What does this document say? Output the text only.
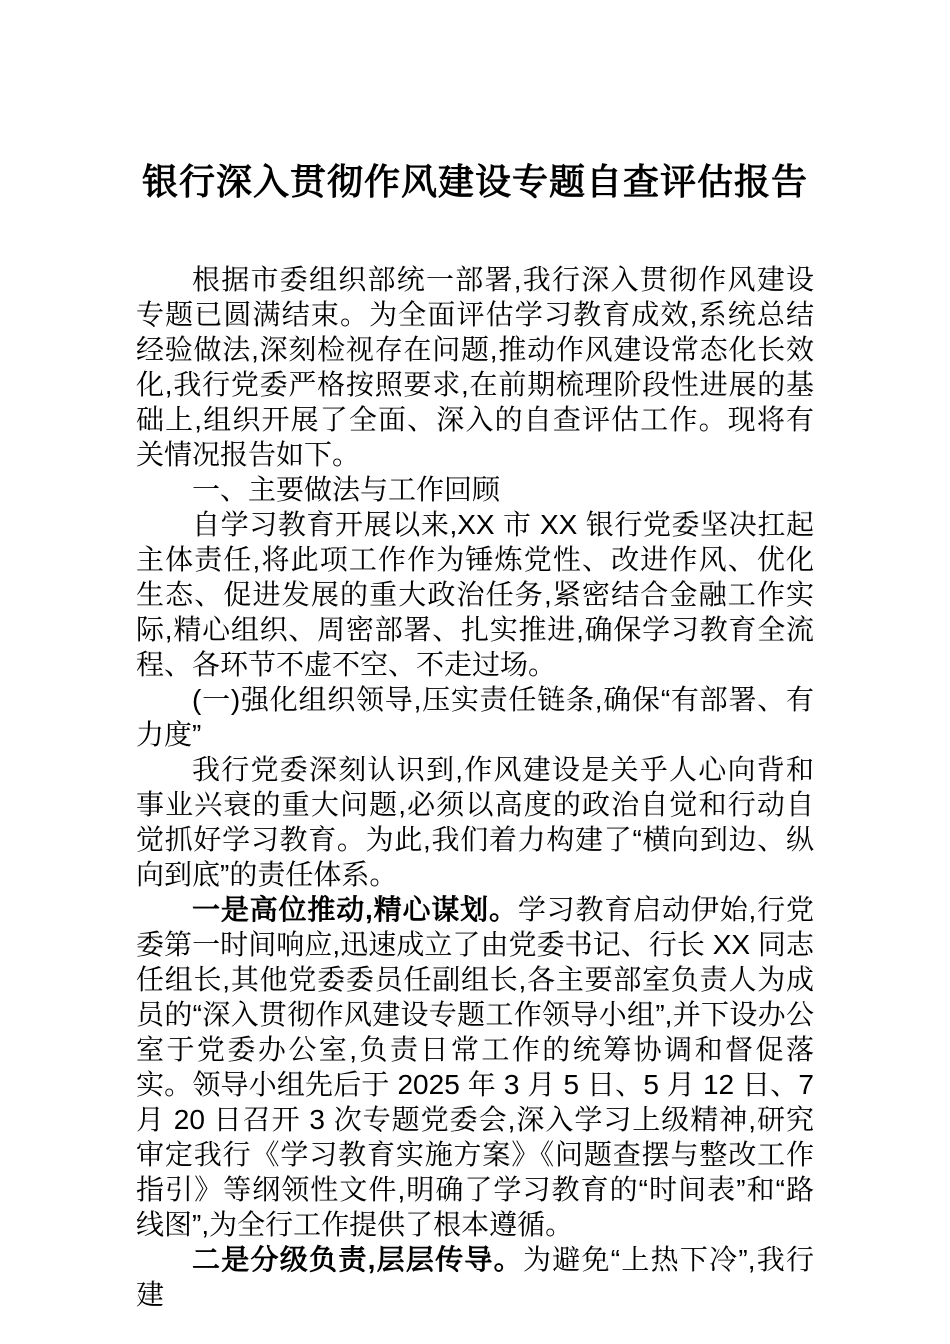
银行深入贯彻作风建设专题自查评估报告

根据市委组织部统一部署,我行深入贯彻作风建设专题已圆满结束。为全面评估学习教育成效,系统总结经验做法,深刻检视存在问题,推动作风建设常态化长效化,我行党委严格按照要求,在前期梳理阶段性进展的基础上,组织开展了全面、深入的自查评估工作。现将有关情况报告如下。

一、主要做法与工作回顾

自学习教育开展以来,XX 市 XX 银行党委坚决扛起主体责任,将此项工作作为锤炼党性、改进作风、优化生态、促进发展的重大政治任务,紧密结合金融工作实际,精心组织、周密部署、扎实推进,确保学习教育全流程、各环节不虚不空、不走过场。

(一)强化组织领导,压实责任链条,确保“有部署、有力度”

我行党委深刻认识到,作风建设是关乎人心向背和事业兴衰的重大问题,必须以高度的政治自觉和行动自觉抓好学习教育。为此,我们着力构建了“横向到边、纵向到底”的责任体系。

一是高位推动,精心谋划。学习教育启动伊始,行党委第一时间响应,迅速成立了由党委书记、行长 XX 同志任组长,其他党委委员任副组长,各主要部室负责人为成员的“深入贯彻作风建设专题工作领导小组”,并下设办公室于党委办公室,负责日常工作的统筹协调和督促落实。领导小组先后于 2025 年 3 月 5 日、5 月 12 日、7 月 20 日召开 3 次专题党委会,深入学习上级精神,研究审定我行《学习教育实施方案》《问题查摆与整改工作指引》等纲领性文件,明确了学习教育的“时间表”和“路线图”,为全行工作提供了根本遵循。

二是分级负责,层层传导。为避免“上热下冷”,我行建
